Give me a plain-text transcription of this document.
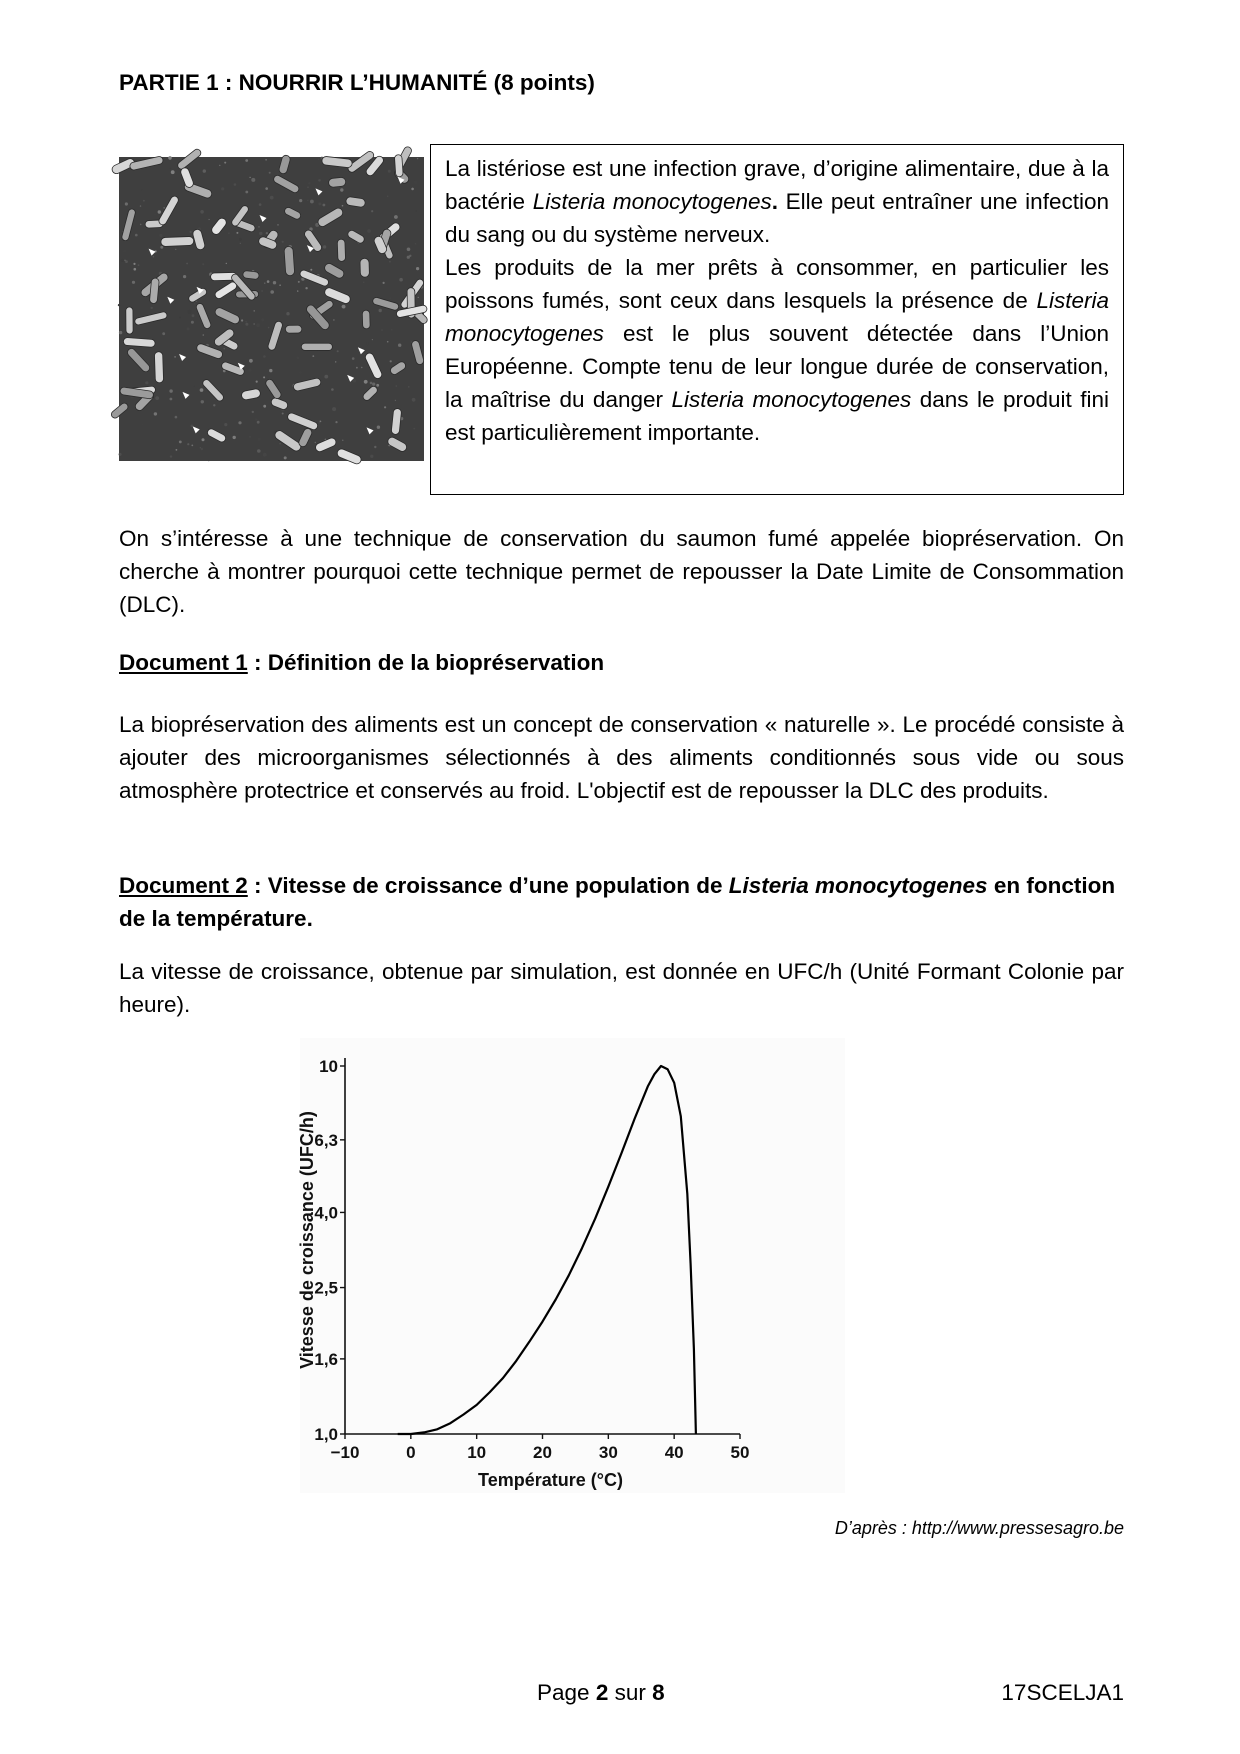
PARTIE 1 : NOURRIR L’HUMANITÉ (8 points)
La listériose est une infection grave, d’origine alimentaire, due à la bactérie Listeria monocytogenes. Elle peut entraîner une infection du sang ou du système nerveux.
Les produits de la mer prêts à consommer, en particulier les poissons fumés, sont ceux dans lesquels la présence de Listeria monocytogenes est le plus souvent détectée dans l’Union Européenne. Compte tenu de leur longue durée de conservation, la maîtrise du danger Listeria monocytogenes dans le produit fini est particulièrement importante.
On s’intéresse à une technique de conservation du saumon fumé appelée biopréservation. On cherche à montrer pourquoi cette technique permet de repousser la Date Limite de Consommation (DLC).
Document 1 : Définition de la biopréservation
La biopréservation des aliments est un concept de conservation « naturelle ». Le procédé consiste à ajouter des microorganismes sélectionnés à des aliments conditionnés sous vide ou sous atmosphère protectrice et conservés au froid. L'objectif est de repousser la DLC des produits.
Document 2 : Vitesse de croissance d’une population de Listeria monocytogenes en fonction de la température.
La vitesse de croissance, obtenue par simulation, est donnée en UFC/h (Unité Formant Colonie par heure).
1,0
1,6
2,5
4,0
6,3
10
−10	0	10	20	30	40	50
Température (°C)
Vitesse de croissance (UFC/h)
D’après : http://www.pressesagro.be
Page 2 sur 8	17SCELJA1
